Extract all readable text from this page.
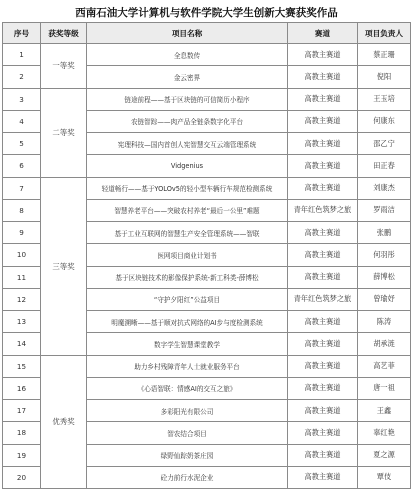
西南石油大学计算机与软件学院大学生创新大赛获奖作品
序号	获奖等级	项目名称	赛道	项目负责人
1	一等奖	全息数传	高教主赛道	蔡正珊
2		金云密界	高教主赛道	倪阳
3	二等奖	链途前程——基于区块链的可信简历小程序	高教主赛道	王玉培
4		农链智踪——肉产品全链条数字化平台	高教主赛道	何康东
5		宪理科技—国内首创人宪智慧交互云端管理系统	高教主赛道	邵乙宁
6		Vidgenius	高教主赛道	田正春
7	三等奖	轻道畅行——基于YOLOv5的轻小型车辆行车规范检测系统	高教主赛道	刘康杰
8		智慧养老平台——突破农村养老“最后一公里”难题	青年红色筑梦之旅	罗雨洁
9		基于工业互联网的智慧生产安全管理系统——智联	高教主赛道	张鹏
10		医网项目商业计划书	高教主赛道	何羽彤
11		基于区块链技术的影像保护系统-新工科类-薛博松	高教主赛道	薛博松
12		“守护夕阳红”公益项目	青年红色筑梦之旅	曾瑜妤
13		明魔溯晰——基于顺对抗式网络的AI步与度检测系统	高教主赛道	陈涛
14		数字学生智慧课堂教学	高教主赛道	胡承涟
15	优秀奖	助力乡村残障青年人士就业服务平台	高教主赛道	高艺菲
16		《心语智联：情感AI的交互之旅》	高教主赛道	唐一祖
17		多彩阳光有限公司	高教主赛道	王鑫
18		智农结合项目	高教主赛道	辜红艳
19		绿野仙踪奶茶庄园	高教主赛道	夏之源
20		砼力前行水泥企业	高教主赛道	覃伎
